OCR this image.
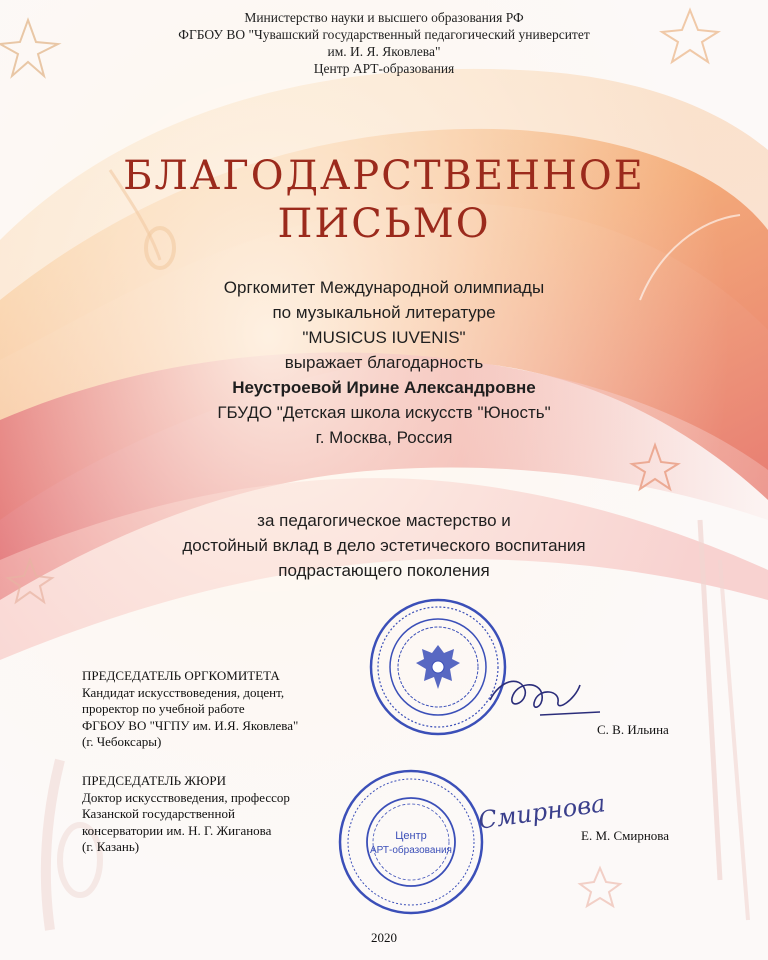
Министерство науки и высшего образования РФ
ФГБОУ ВО "Чувашский государственный педагогический университет
им. И. Я. Яковлева"
Центр АРТ-образования
БЛАГОДАРСТВЕННОЕ
ПИСЬМО
Оргкомитет Международной олимпиады
по музыкальной литературе
"MUSICUS IUVENIS"
выражает благодарность
Неустроевой Ирине Александровне
ГБУДО "Детская школа искусств "Юность"
г. Москва, Россия
за педагогическое мастерство и
достойный вклад в дело эстетического воспитания
подрастающего поколения
ПРЕДСЕДАТЕЛЬ ОРГКОМИТЕТА
Кандидат искусствоведения, доцент,
проректор по учебной работе
ФГБОУ ВО "ЧГПУ им. И.Я. Яковлева"
(г. Чебоксары)
С. В. Ильина
Центр
АРТ-образования
Смирнова
ПРЕДСЕДАТЕЛЬ ЖЮРИ
Доктор искусствоведения, профессор
Казанской государственной
консерватории им. Н. Г. Жиганова
(г. Казань)
Е. М. Смирнова
2020
